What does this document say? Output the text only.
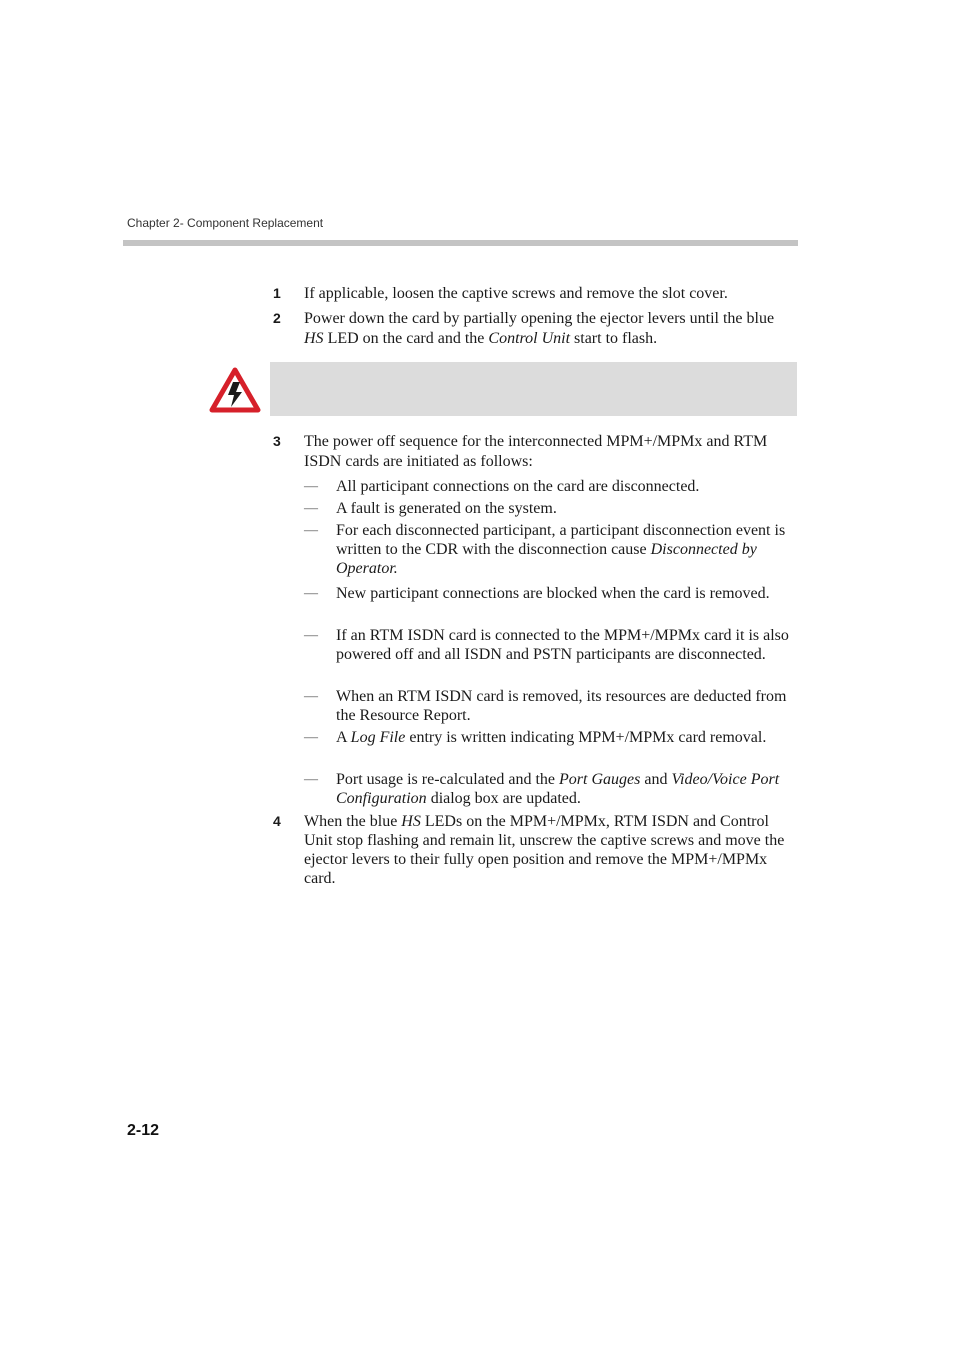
Chapter 2- Component Replacement
1 If applicable, loosen the captive screws and remove the slot cover.
2 Power down the card by partially opening the ejector levers until the blue HS LED on the card and the Control Unit start to flash.
3 The power off sequence for the interconnected MPM+/MPMx and RTM ISDN cards are initiated as follows:
— All participant connections on the card are disconnected.
— A fault is generated on the system.
— For each disconnected participant, a participant disconnection event is written to the CDR with the disconnection cause Disconnected by Operator.
— New participant connections are blocked when the card is removed.
— If an RTM ISDN card is connected to the MPM+/MPMx card it is also powered off and all ISDN and PSTN participants are disconnected.
— When an RTM ISDN card is removed, its resources are deducted from the Resource Report.
— A Log File entry is written indicating MPM+/MPMx card removal.
— Port usage is re-calculated and the Port Gauges and Video/Voice Port Configuration dialog box are updated.
4 When the blue HS LEDs on the MPM+/MPMx, RTM ISDN and Control Unit stop flashing and remain lit, unscrew the captive screws and move the ejector levers to their fully open position and remove the MPM+/MPMx card.
2-12
